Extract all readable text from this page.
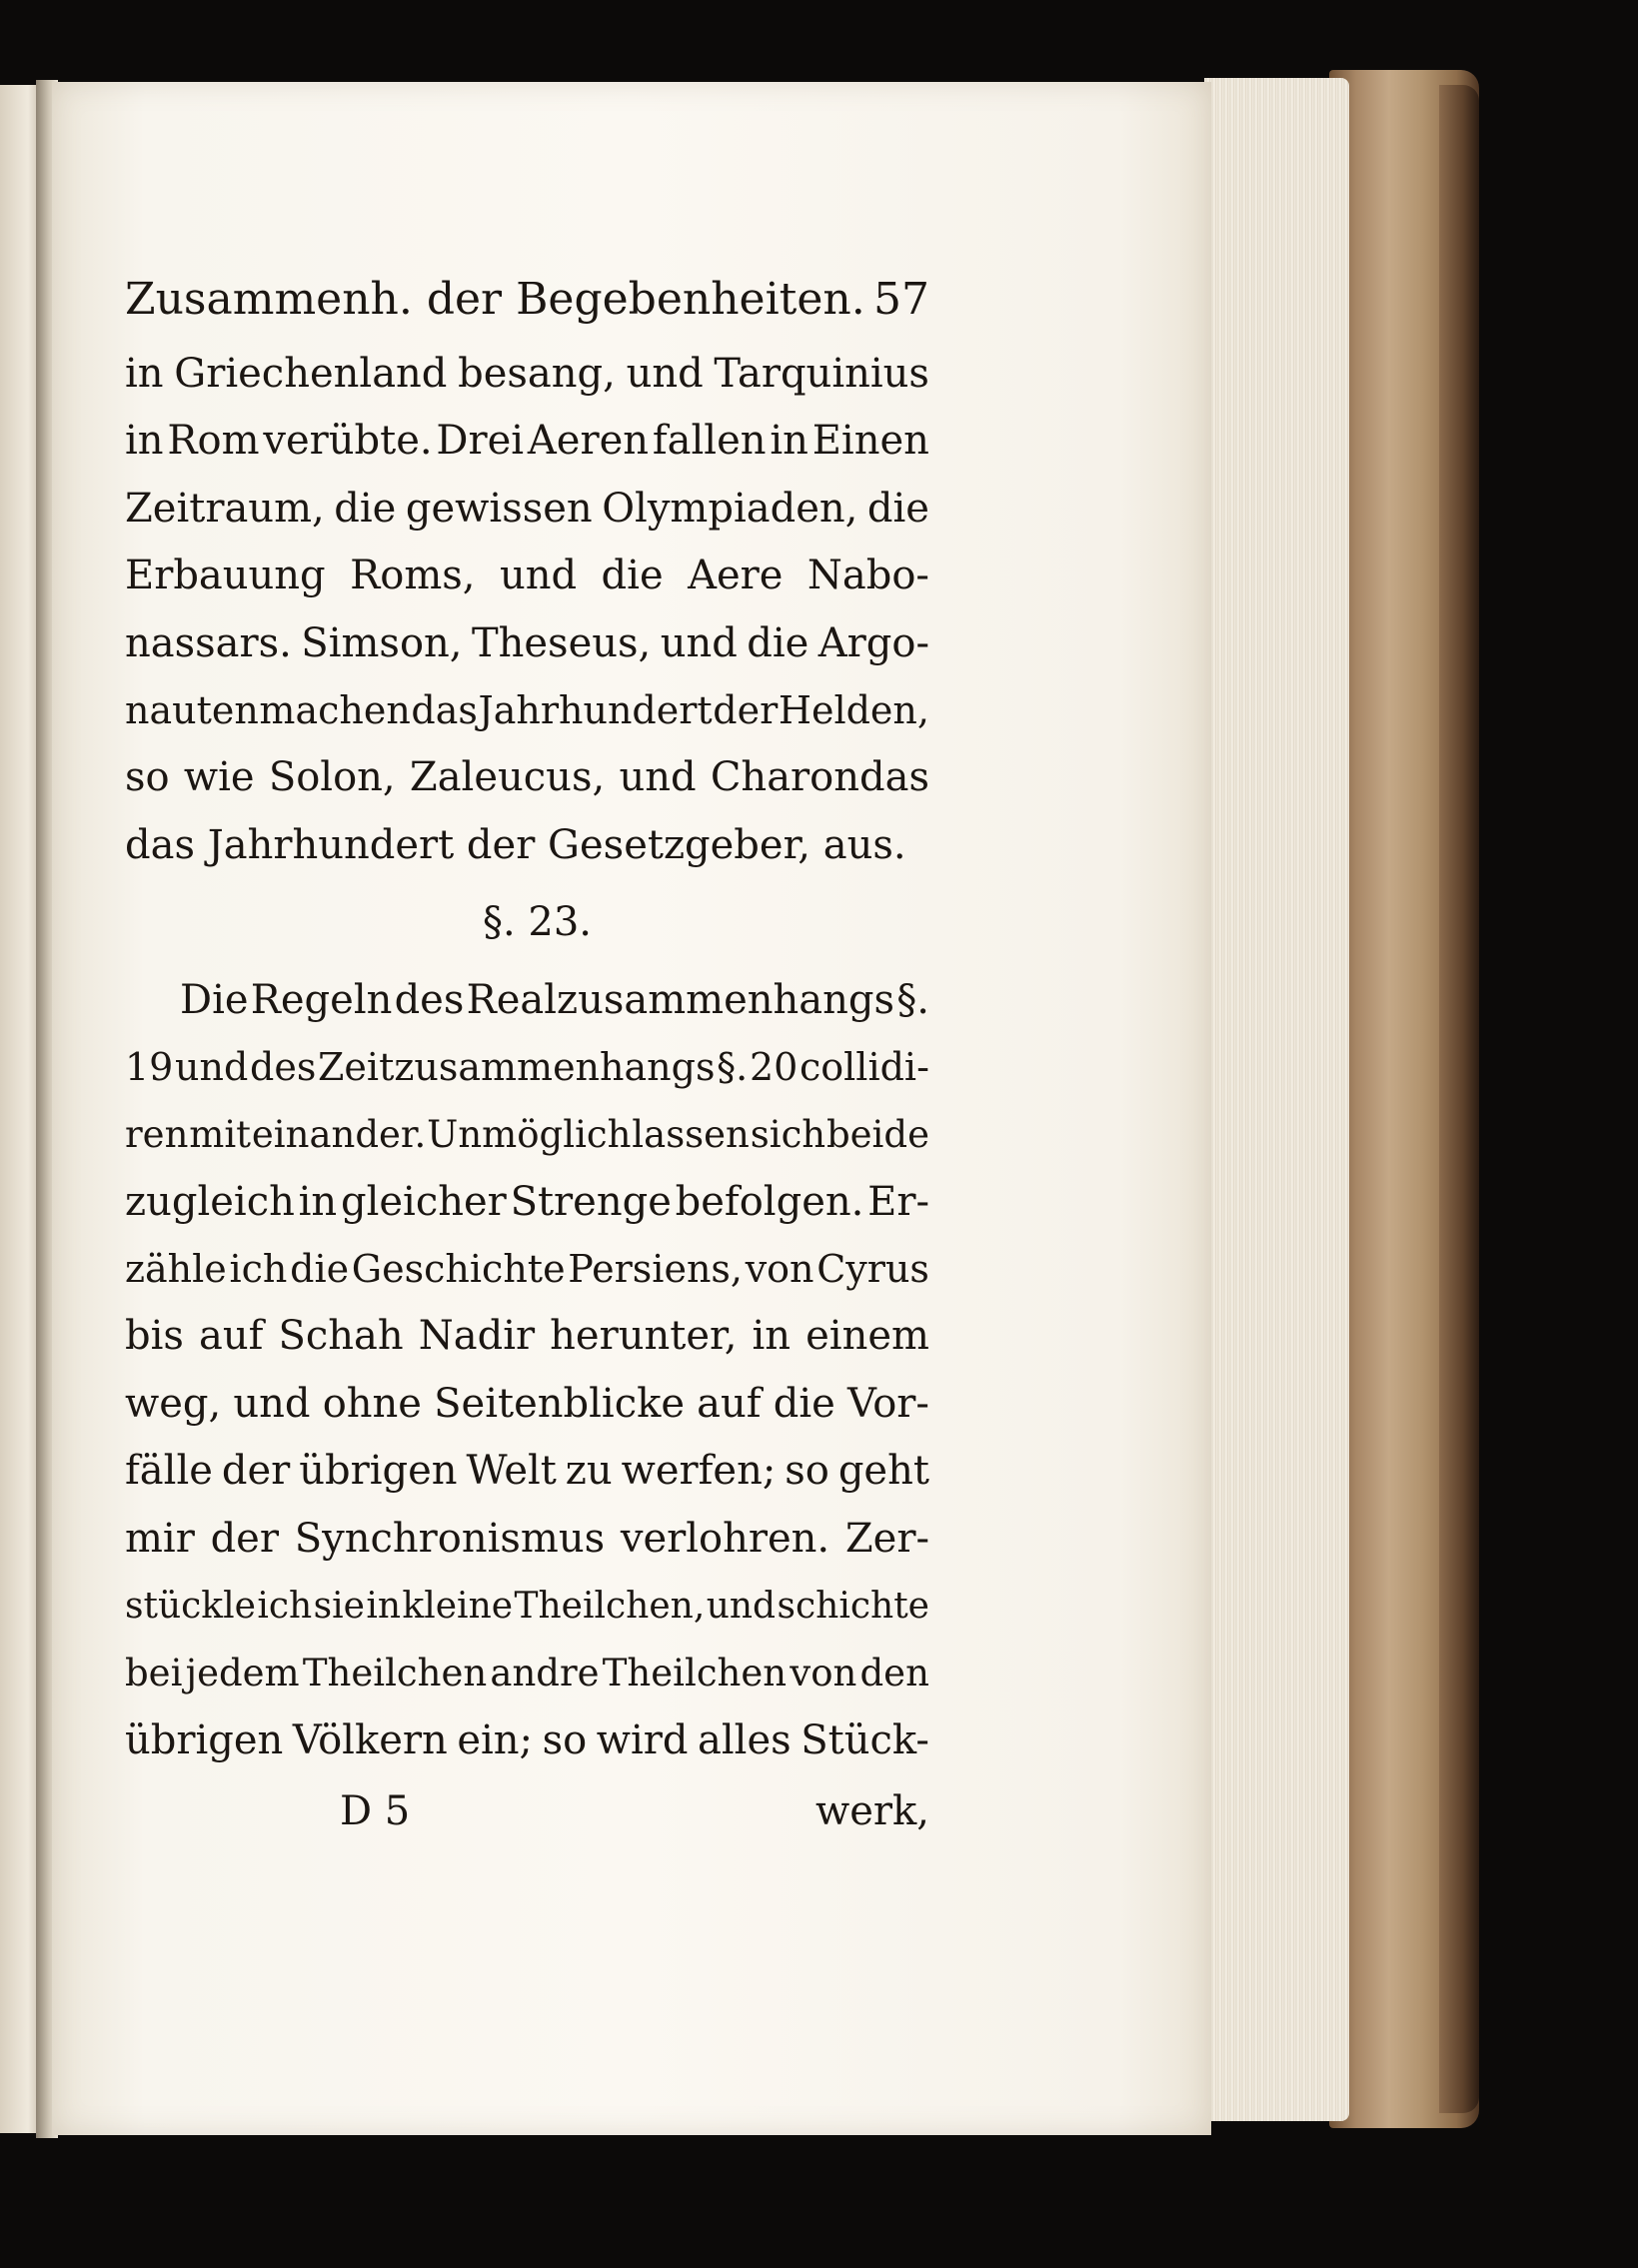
Zusammenh. der Begebenheiten. 57
in Griechenland besang, und Tarquinius
in Rom verübte. Drei Aeren fallen in Einen
Zeitraum, die gewissen Olympiaden, die
Erbauung Roms, und die Aere Nabo-
nassars. Simson, Theseus, und die Argo-
nauten machen das Jahrhundert der Helden,
so wie Solon, Zaleucus, und Charondas
das Jahrhundert der Gesetzgeber, aus.
§. 23.
Die Regeln des Realzusammenhangs §.
19 und des Zeitzusammenhangs §. 20 collidi-
ren mit einander. Unmöglich lassen sich beide
zugleich in gleicher Strenge befolgen. Er-
zähle ich die Geschichte Persiens, von Cyrus
bis auf Schah Nadir herunter, in einem
weg, und ohne Seitenblicke auf die Vor-
fälle der übrigen Welt zu werfen; so geht
mir der Synchronismus verlohren. Zer-
stückle ich sie in kleine Theilchen, und schichte
bei jedem Theilchen andre Theilchen von den
übrigen Völkern ein; so wird alles Stück-
D 5	werk,
